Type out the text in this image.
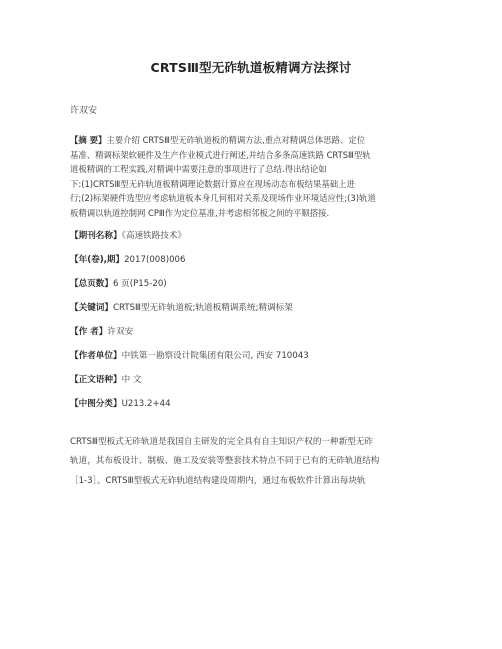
CRTSⅢ型无砟轨道板精调方法探讨
许双安
【摘 要】主要介绍 CRTSⅢ型无砟轨道板的精调方法,重点对精调总体思路、定位
基准、精调标架软硬件及生产作业模式进行阐述,并结合多条高速铁路 CRTSⅢ型轨
道板精调的工程实践,对精调中需要注意的事项进行了总结.得出结论如
下:(1)CRTSⅢ型无砟轨道板精调理论数据计算应在现场动态布板结果基础上进
行;(2)标架硬件选型应考虑轨道板本身几何相对关系及现场作业环境适应性;(3)轨道
板精调以轨道控制网 CPⅢ作为定位基准,并考虑相邻板之间的平顺搭接.
【期刊名称】《高速铁路技术》
【年(卷),期】2017(008)006
【总页数】6 页(P15-20)
【关键词】CRTSⅢ型无砟轨道板;轨道板精调系统;精调标架
【作 者】许双安
【作者单位】中铁第一勘察设计院集团有限公司, 西安 710043
【正文语种】中 文
【中图分类】U213.2+44
CRTSⅢ型板式无砟轨道是我国自主研发的完全具有自主知识产权的一种新型无砟
轨道，其布板设计、制板、施工及安装等整套技术特点不同于已有的无砟轨道结构
［1-3］。CRTSⅢ型板式无砟轨道结构建设周期内，通过布板软件计算出每块轨
